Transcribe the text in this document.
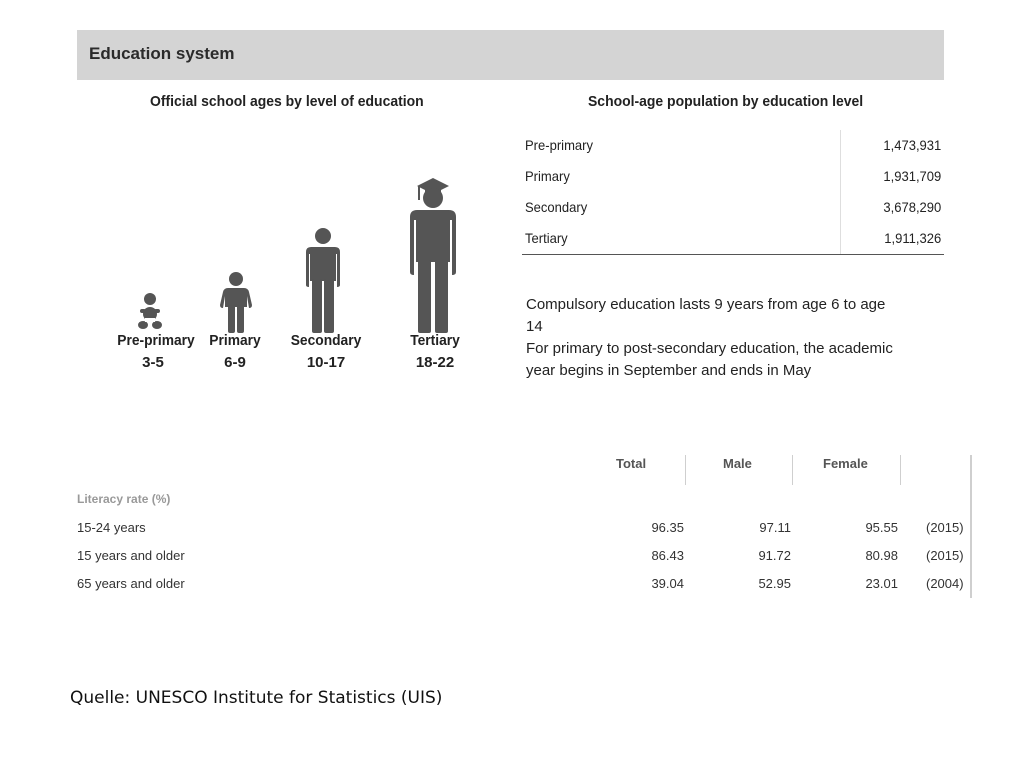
Education system
Official school ages by level of education	School-age population by education level
Pre-primary Primary Secondary	Tertiary
3-5	6-9	10-17	18-22
Pre-primary	1,473,931
Primary	1,931,709
Secondary	3,678,290
Tertiary	1,911,326

Compulsory education lasts 9 years from age 6 to age 14

For primary to post-secondary education, the academic year begins in September and ends in May

Total	Male	Female
Literacy rate (%)
15-24 years	96.35	97.11	95.55 (2015)
15 years and older	86.43	91.72	80.98 (2015)
65 years and older	39.04	52.95	23.01 (2004)
Quelle: UNESCO Institute for Statistics (UIS)
